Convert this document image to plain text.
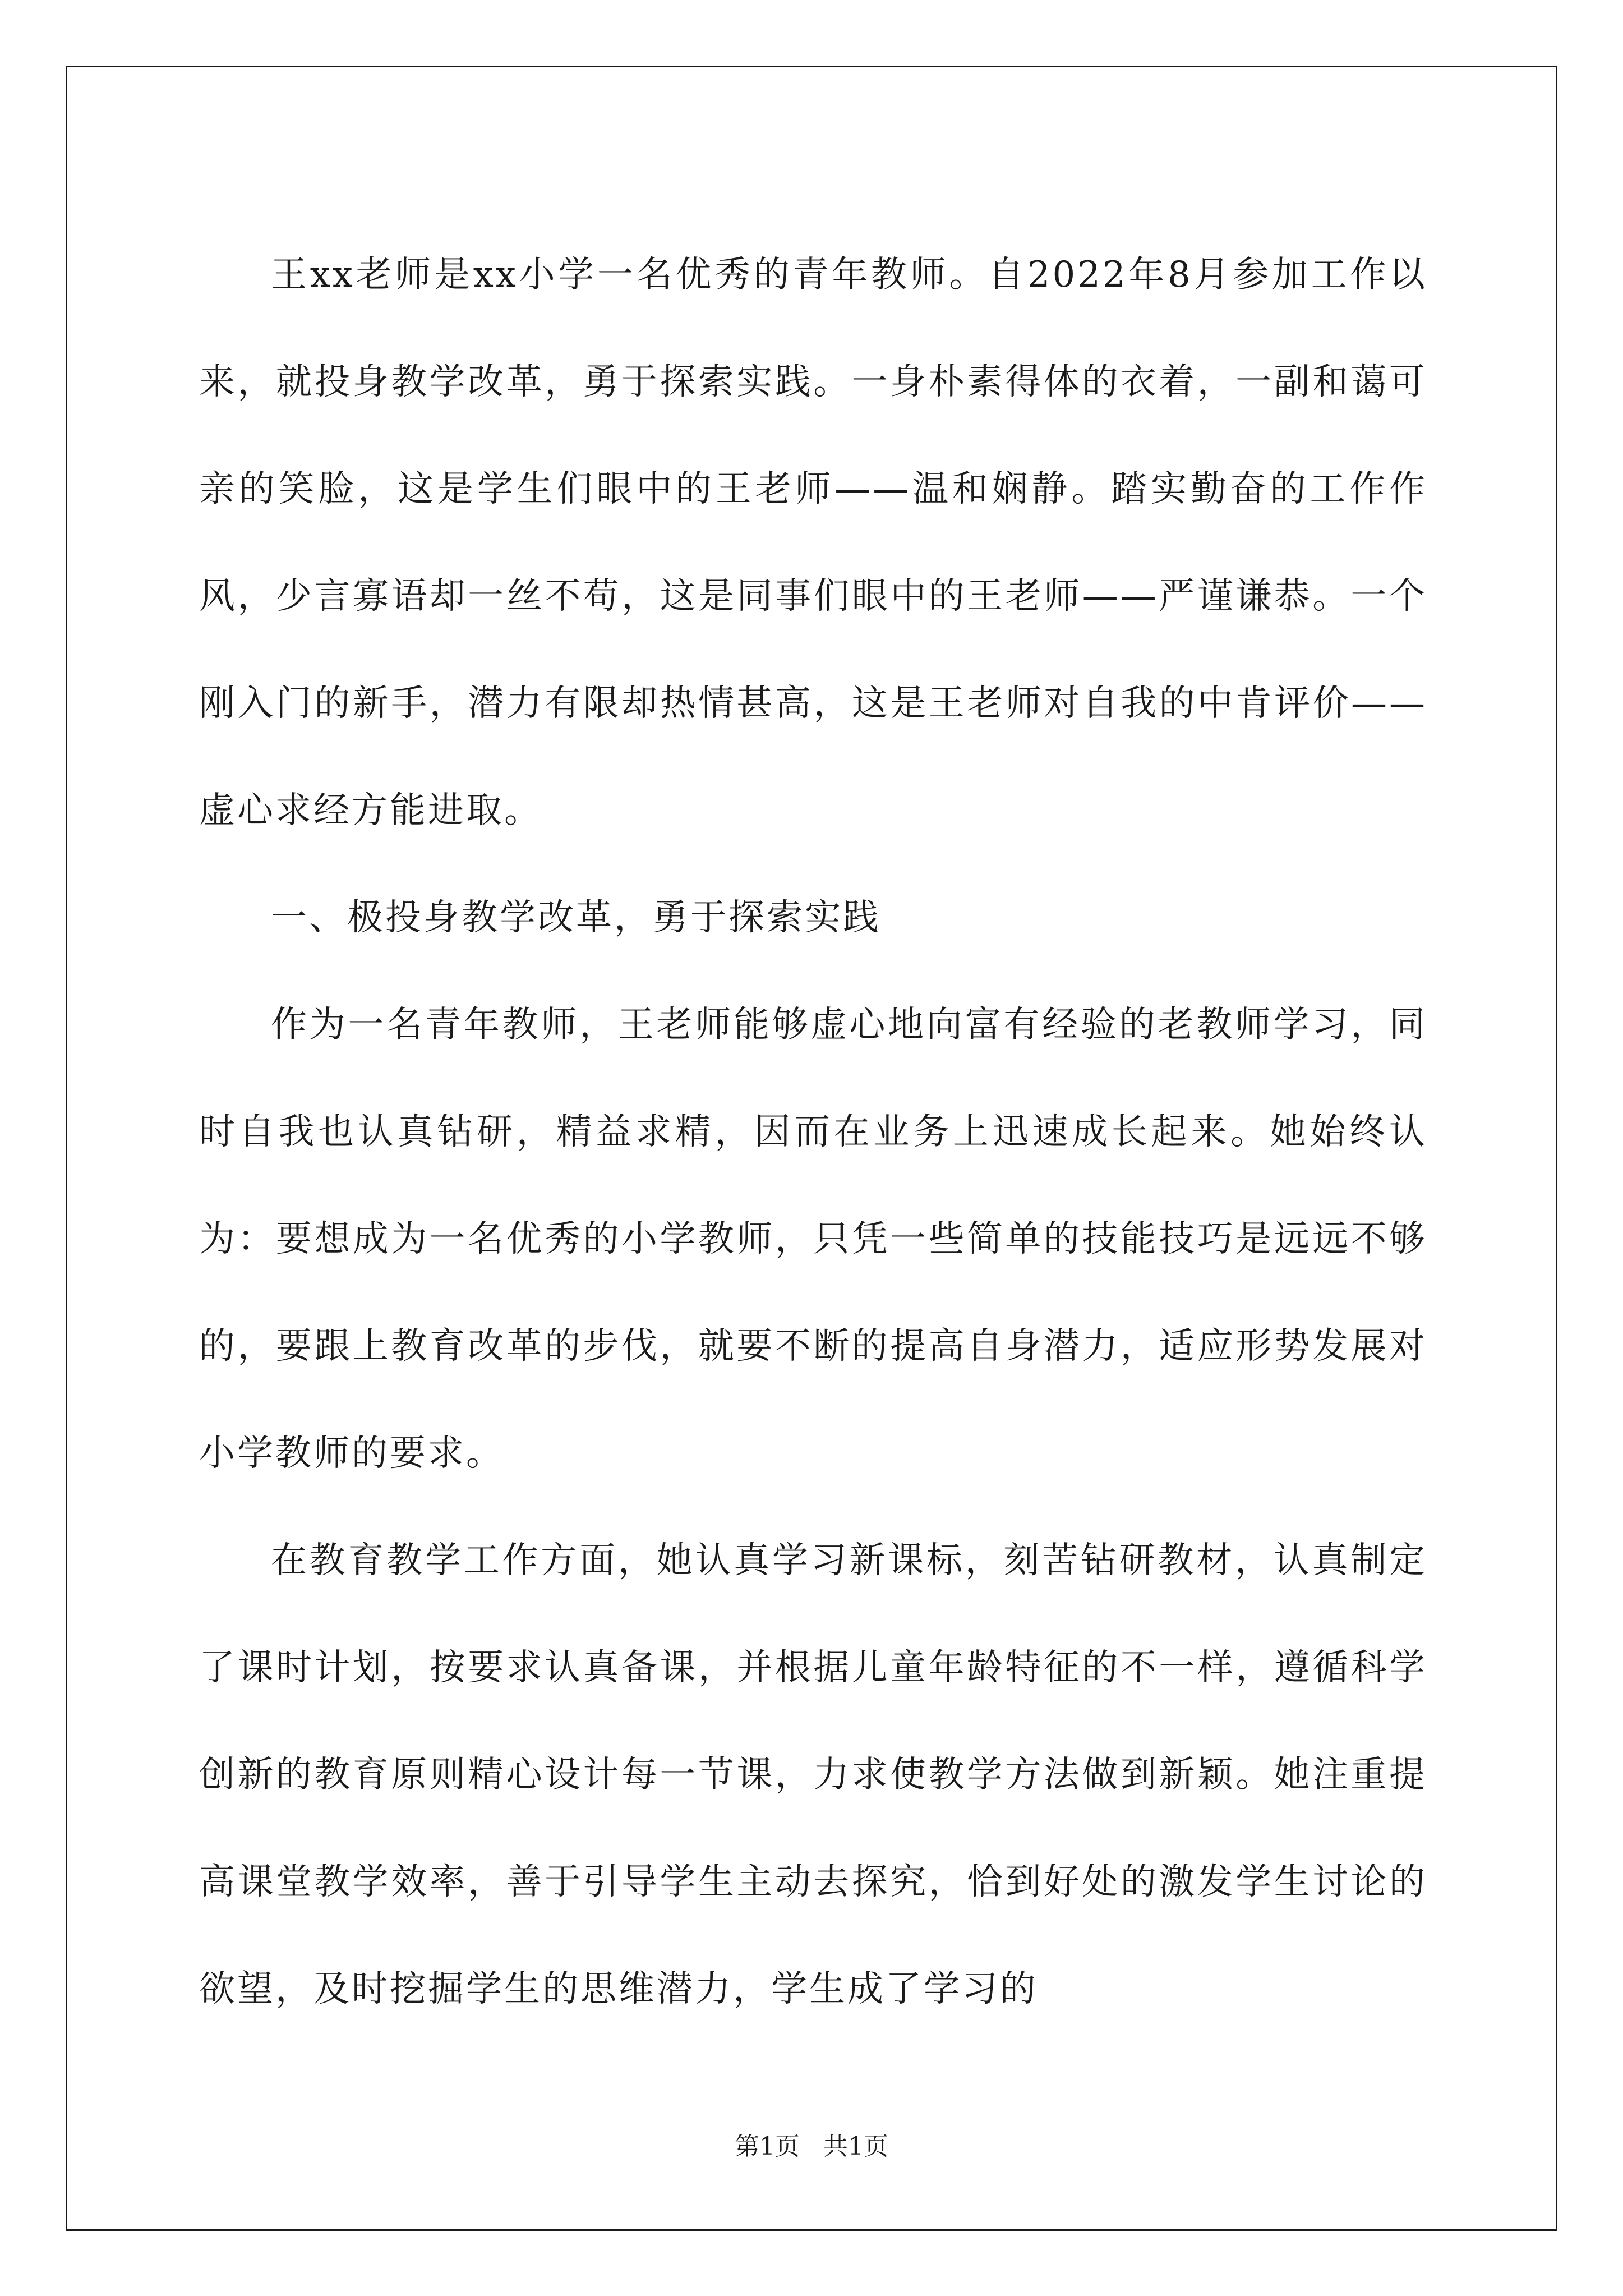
王xx老师是xx小学一名优秀的青年教师。自2022年8月参加工作以来，就投身教学改革，勇于探索实践。一身朴素得体的衣着，一副和蔼可亲的笑脸，这是学生们眼中的王老师——温和娴静。踏实勤奋的工作作风，少言寡语却一丝不苟，这是同事们眼中的王老师——严谨谦恭。一个刚入门的新手，潜力有限却热情甚高，这是王老师对自我的中肯评价——虚心求经方能进取。

一、极投身教学改革，勇于探索实践

作为一名青年教师，王老师能够虚心地向富有经验的老教师学习，同时自我也认真钻研，精益求精，因而在业务上迅速成长起来。她始终认为：要想成为一名优秀的小学教师，只凭一些简单的技能技巧是远远不够的，要跟上教育改革的步伐，就要不断的提高自身潜力，适应形势发展对小学教师的要求。

在教育教学工作方面，她认真学习新课标，刻苦钻研教材，认真制定了课时计划，按要求认真备课，并根据儿童年龄特征的不一样，遵循科学创新的教育原则精心设计每一节课，力求使教学方法做到新颖。她注重提高课堂教学效率，善于引导学生主动去探究，恰到好处的激发学生讨论的欲望，及时挖掘学生的思维潜力，学生成了学习的

第1页   共1页
